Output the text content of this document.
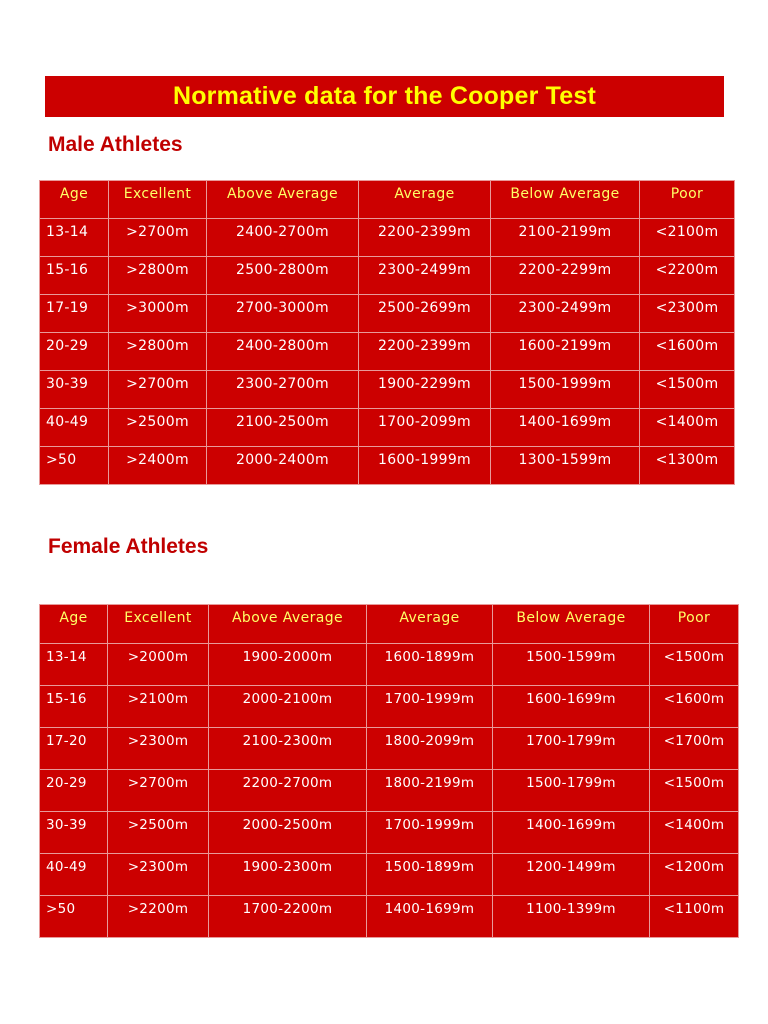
Normative data for the Cooper Test
Male Athletes
Age	Excellent	Above Average	Average	Below Average	Poor
13-14	>2700m	2400-2700m	2200-2399m	2100-2199m	<2100m
15-16	>2800m	2500-2800m	2300-2499m	2200-2299m	<2200m
17-19	>3000m	2700-3000m	2500-2699m	2300-2499m	<2300m
20-29	>2800m	2400-2800m	2200-2399m	1600-2199m	<1600m
30-39	>2700m	2300-2700m	1900-2299m	1500-1999m	<1500m
40-49	>2500m	2100-2500m	1700-2099m	1400-1699m	<1400m
>50	>2400m	2000-2400m	1600-1999m	1300-1599m	<1300m
Female Athletes
Age	Excellent	Above Average	Average	Below Average	Poor
13-14	>2000m	1900-2000m	1600-1899m	1500-1599m	<1500m
15-16	>2100m	2000-2100m	1700-1999m	1600-1699m	<1600m
17-20	>2300m	2100-2300m	1800-2099m	1700-1799m	<1700m
20-29	>2700m	2200-2700m	1800-2199m	1500-1799m	<1500m
30-39	>2500m	2000-2500m	1700-1999m	1400-1699m	<1400m
40-49	>2300m	1900-2300m	1500-1899m	1200-1499m	<1200m
>50	>2200m	1700-2200m	1400-1699m	1100-1399m	<1100m
